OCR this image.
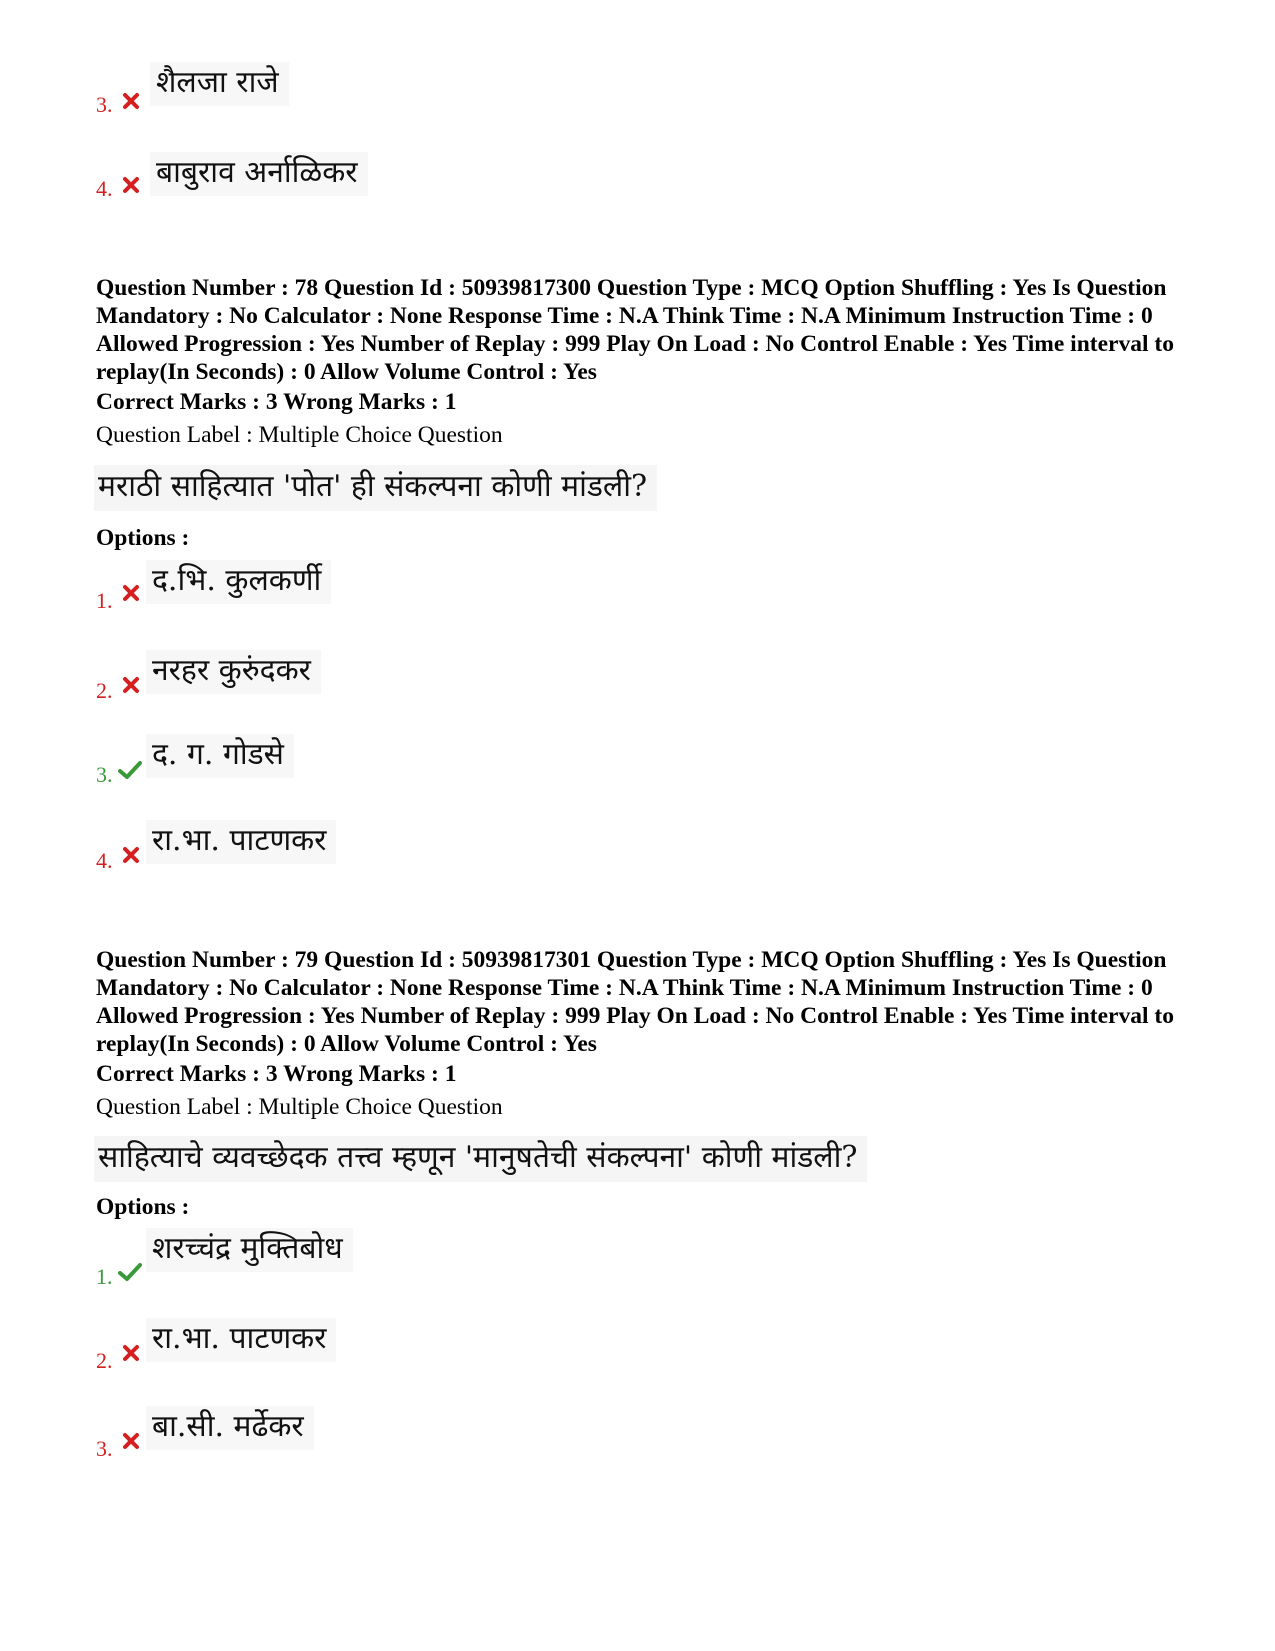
3.
शैलजा राजे
4.	बाबुराव अर्नाळिकर
Question Number : 78 Question Id : 50939817300 Question Type : MCQ Option Shuffling : Yes Is Question Mandatory : No Calculator : None Response Time : N.A Think Time : N.A Minimum Instruction Time : 0 Allowed Progression : Yes Number of Replay : 999 Play On Load : No Control Enable : Yes Time interval to replay(In Seconds) : 0 Allow Volume Control : Yes
Correct Marks : 3 Wrong Marks : 1
Question Label : Multiple Choice Question
मराठी साहित्यात 'पोत' ही संकल्पना कोणी मांडली?
Options :
1.
द.भि. कुलकर्णी
2.
नरहर कुरुंदकर
3.
द. ग. गोडसे
4.
रा.भा. पाटणकर
Question Number : 79 Question Id : 50939817301 Question Type : MCQ Option Shuffling : Yes Is Question Mandatory : No Calculator : None Response Time : N.A Think Time : N.A Minimum Instruction Time : 0 Allowed Progression : Yes Number of Replay : 999 Play On Load : No Control Enable : Yes Time interval to replay(In Seconds) : 0 Allow Volume Control : Yes
Correct Marks : 3 Wrong Marks : 1
Question Label : Multiple Choice Question
साहित्याचे व्यवच्छेदक तत्त्व म्हणून 'मानुषतेची संकल्पना' कोणी मांडली?
Options :
1.
शरच्चंद्र मुक्तिबोध
2.
रा.भा. पाटणकर
3.
बा.सी. मर्ढेकर
